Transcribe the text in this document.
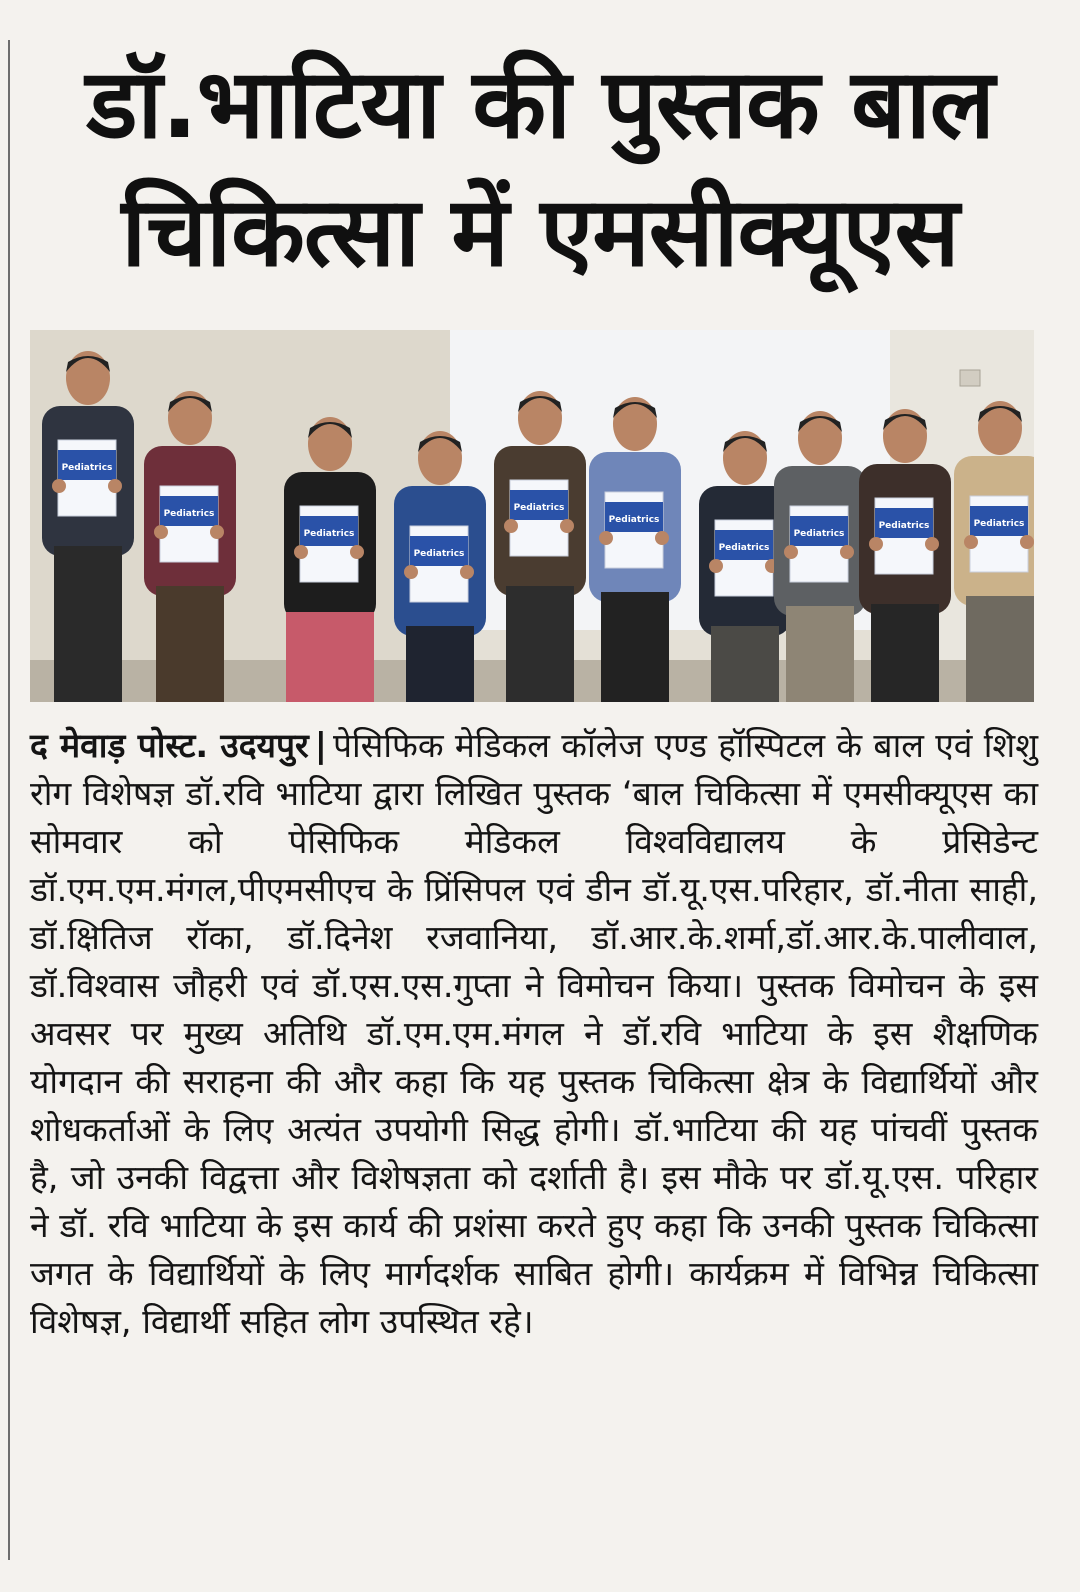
डॉ.भाटिया की पुस्तक बाल
चिकित्सा में एमसीक्यूएस
Pediatrics
Pediatrics
Pediatrics
Pediatrics
Pediatrics
Pediatrics
Pediatrics
Pediatrics
Pediatrics	Pediatrics
द मेवाड़ पोस्ट. उदयपुर | पेसिफिक मेडिकल कॉलेज एण्ड हॉस्पिटल के बाल एवं शिशु रोग विशेषज्ञ डॉ.रवि भाटिया द्वारा लिखित पुस्तक ‘बाल चिकित्सा में एमसीक्यूएस का सोमवार को पेसिफिक मेडिकल विश्वविद्यालय के प्रेसिडेन्ट डॉ.एम.एम.मंगल,पीएमसीएच के प्रिंसिपल एवं डीन डॉ.यू.एस.परिहार, डॉ.नीता साही, डॉ.क्षितिज रॉका, डॉ.दिनेश रजवानिया, डॉ.आर.के.शर्मा,डॉ.आर.के.पालीवाल, डॉ.विश्वास जौहरी एवं डॉ.एस.एस.गुप्ता ने विमोचन किया। पुस्तक विमोचन के इस अवसर पर मुख्य अतिथि डॉ.एम.एम.मंगल ने डॉ.रवि भाटिया के इस शैक्षणिक योगदान की सराहना की और कहा कि यह पुस्तक चिकित्सा क्षेत्र के विद्यार्थियों और शोधकर्ताओं के लिए अत्यंत उपयोगी सिद्ध होगी। डॉ.भाटिया की यह पांचवीं पुस्तक है, जो उनकी विद्वत्ता और विशेषज्ञता को दर्शाती है। इस मौके पर डॉ.यू.एस. परिहार ने डॉ. रवि भाटिया के इस कार्य की प्रशंसा करते हुए कहा कि उनकी पुस्तक चिकित्सा जगत के विद्यार्थियों के लिए मार्गदर्शक साबित होगी। कार्यक्रम में विभिन्न चिकित्सा विशेषज्ञ, विद्यार्थी सहित लोग उपस्थित रहे।
